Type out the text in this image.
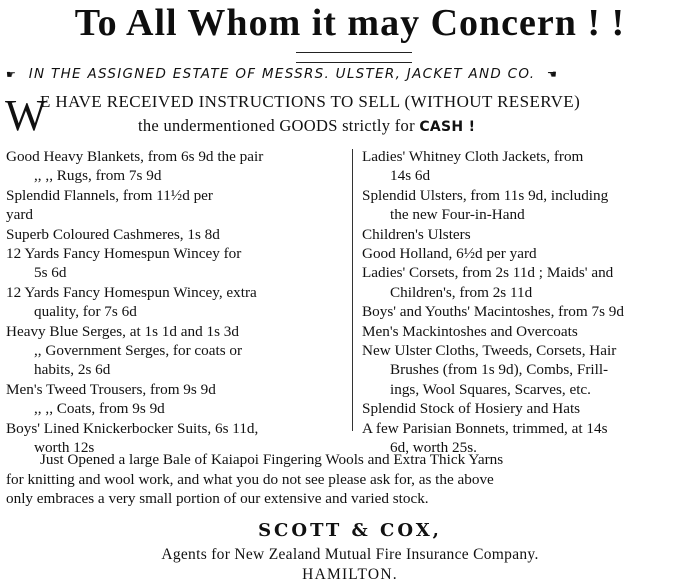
To All Whom it may Concern ! !
☛ IN THE ASSIGNED ESTATE OF MESSRS. ULSTER, JACKET AND CO. ☚
W
E HAVE RECEIVED INSTRUCTIONS TO SELL (WITHOUT RESERVE)
the undermentioned GOODS strictly for CASH !
Good Heavy Blankets, from 6s 9d the pair
,, ,, Rugs, from 7s 9d
Splendid Flannels, from 11½d per
yard
Superb Coloured Cashmeres, 1s 8d
12 Yards Fancy Homespun Wincey for
5s 6d
12 Yards Fancy Homespun Wincey, extra
quality, for 7s 6d
Heavy Blue Serges, at 1s 1d and 1s 3d
,, Government Serges, for coats or
habits, 2s 6d
Men's Tweed Trousers, from 9s 9d
,, ,, Coats, from 9s 9d
Boys' Lined Knickerbocker Suits, 6s 11d,
worth 12s
Ladies' Whitney Cloth Jackets, from
14s 6d
Splendid Ulsters, from 11s 9d, including
the new Four-in-Hand
Children's Ulsters
Good Holland, 6½d per yard
Ladies' Corsets, from 2s 11d ; Maids' and
Children's, from 2s 11d
Boys' and Youths' Macintoshes, from 7s 9d
Men's Mackintoshes and Overcoats
New Ulster Cloths, Tweeds, Corsets, Hair
Brushes (from 1s 9d), Combs, Frill-
ings, Wool Squares, Scarves, etc.
Splendid Stock of Hosiery and Hats
A few Parisian Bonnets, trimmed, at 14s
6d, worth 25s.
Just Opened a large Bale of Kaiapoi Fingering Wools and Extra Thick Yarns
for knitting and wool work, and what you do not see please ask for, as the above
only embraces a very small portion of our extensive and varied stock.
SCOTT & COX,
Agents for New Zealand Mutual Fire Insurance Company.
HAMILTON.
